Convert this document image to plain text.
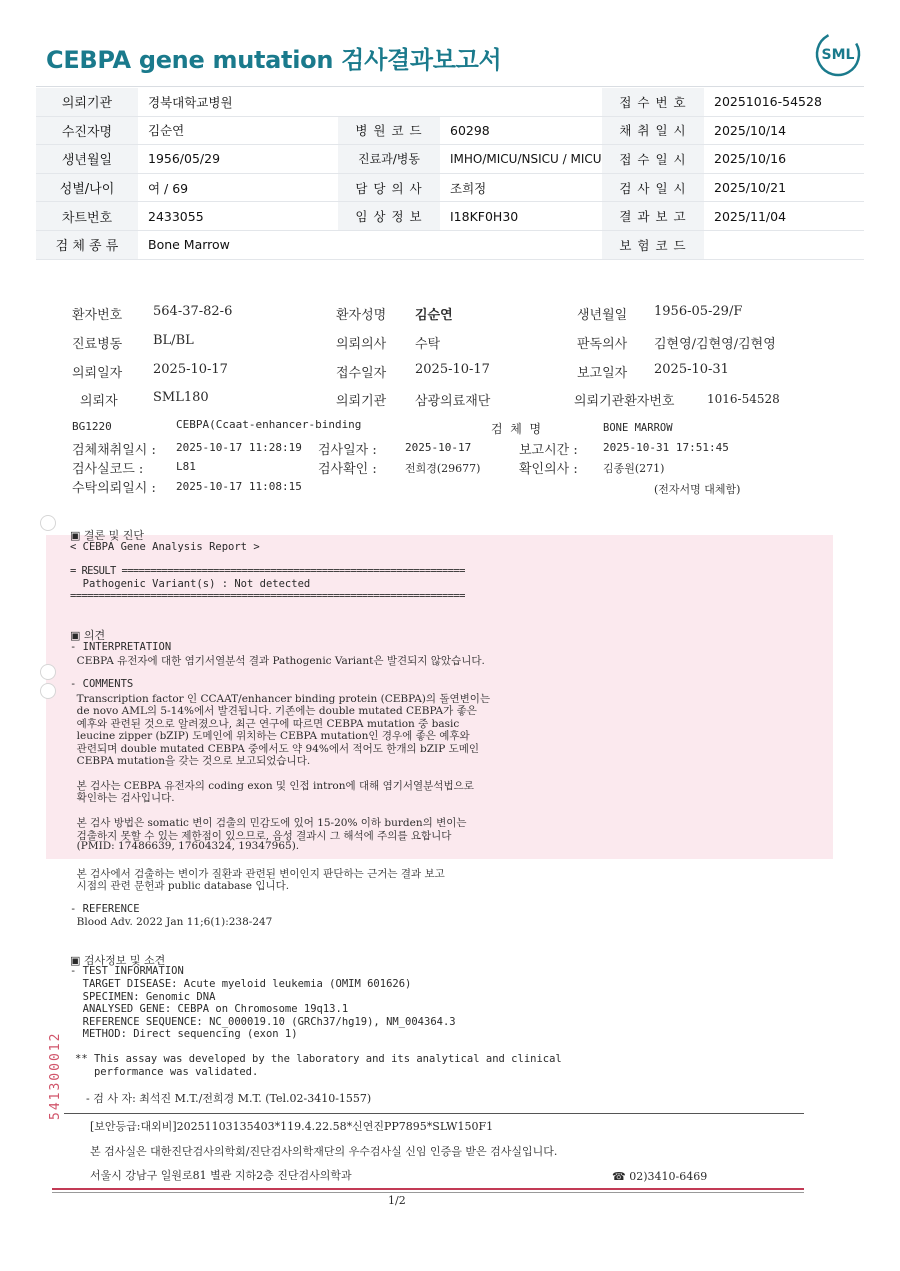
CEBPA gene mutation 검사결과보고서	SML
의뢰기관	경북대학교병원			접 수 번 호	20251016-54528
수진자명	김순연	병 원 코 드	60298	채 취 일 시	2025/10/14
생년월일	1956/05/29	진료과/병동	IMHO/MICU/NSICU / MICU	접 수 일 시	2025/10/16
성별/나이	여 / 69	담 당 의 사	조희정	검 사 일 시	2025/10/21
차트번호	2433055	임 상 정 보	I18KF0H30	결 과 보 고	2025/11/04
검 체 종 류	Bone Marrow			보 험 코 드	
환자번호 564-37-82-6	환자성명 김순연	생년월일 1956-05-29/F
진료병동 BL/BL	의뢰의사 수탁	판독의사 김현영/김현영/김현영
의뢰일자 2025-10-17	접수일자 2025-10-17	보고일자 2025-10-31
의뢰자	SML180	의뢰기관 삼광의료재단	의뢰기관환자번호	1016-54528
BG1220	CEBPA(Ccaat-enhancer-binding	검  체  명	BONE MARROW
검체채취일시 : 2025-10-17 11:28:19 검사일자 :	2025-10-17	보고시간 : 2025-10-31 17:51:45
검사실코드 :	L81	검사확인 :	전희경(29677)	확인의사 : 김종원(271)
수탁의뢰일시 : 2025-10-17 11:08:15	(전자서명 대체함)
▣ 결론 및 진단
< CEBPA Gene Analysis Report >
= RESULT ============================================================
Pathogenic Variant(s) : Not detected
=====================================================================
▣ 의견
- INTERPRETATION
CEBPA 유전자에 대한 염기서열분석 결과 Pathogenic Variant은 발견되지 않았습니다.
- COMMENTS
Transcription factor 인 CCAAT/enhancer binding protein (CEBPA)의 돌연변이는
de novo AML의 5-14%에서 발견됩니다. 기존에는 double mutated CEBPA가 좋은
예후와 관련된 것으로 알려졌으나, 최근 연구에 따르면 CEBPA mutation 중 basic
leucine zipper (bZIP) 도메인에 위치하는 CEBPA mutation인 경우에 좋은 예후와
관련되며 double mutated CEBPA 중에서도 약 94%에서 적어도 한개의 bZIP 도메인
CEBPA mutation을 갖는 것으로 보고되었습니다.
본 검사는 CEBPA 유전자의 coding exon 및 인접 intron에 대해 염기서열분석법으로
확인하는 검사입니다.
본 검사 방법은 somatic 변이 검출의 민감도에 있어 15-20% 이하 burden의 변이는
검출하지 못할 수 있는 제한점이 있으므로, 음성 결과시 그 해석에 주의를 요합니다
(PMID: 17486639, 17604324, 19347965).
본 검사에서 검출하는 변이가 질환과 관련된 변이인지 판단하는 근거는 결과 보고
시점의 관련 문헌과 public database 입니다.
- REFERENCE
Blood Adv. 2022 Jan 11;6(1):238-247
▣ 검사정보 및 소견
- TEST INFORMATION
TARGET DISEASE: Acute myeloid leukemia (OMIM 601626)
SPECIMEN: Genomic DNA
ANALYSED GENE: CEBPA on Chromosome 19q13.1
REFERENCE SEQUENCE: NC_000019.10 (GRCh37/hg19), NM_004364.3
METHOD: Direct sequencing (exon 1)
** This assay was developed by the laboratory and its analytical and clinical
performance was validated.
- 검 사 자: 최석진 M.T./전희경 M.T. (Tel.02-3410-1557)
541300012
[보안등급:대외비]20251103135403*119.4.22.58*신연진PP7895*SLW150F1
본 검사실은 대한진단검사의학회/진단검사의학재단의 우수검사실 신임 인증을 받은 검사실입니다.
서울시 강남구 일원로81 별관 지하2층 진단검사의학과	☎ 02)3410-6469
1/2
